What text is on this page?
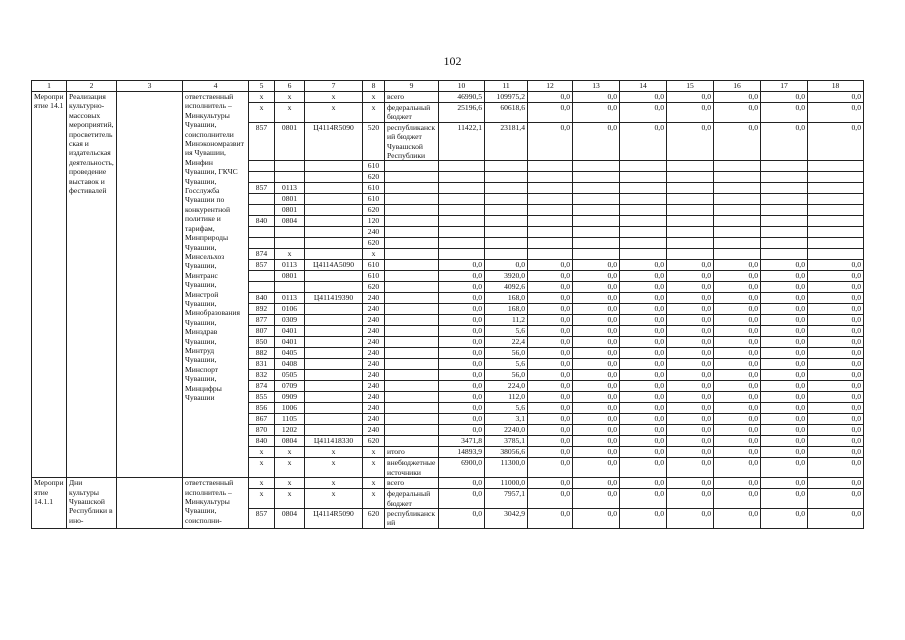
102
1	2	3	4	5	6	7	8	9	10	11	12	13	14	15	16	17	18
Мероприятие 14.1	Реализация культурно-массовых мероприятий, просветительская и издательская деятельность, проведение выставок и фестивалей		ответственный исполнитель – Минкультуры Чувашии, соисполнители Минэкономразвития Чувашии, Минфин Чувашии, ГКЧС Чувашии, Госслужба Чувашии по конкурентной политике и тарифам, Минприроды Чувашии, Минсельхоз Чувашии, Минтранс Чувашии, Минстрой Чувашии, Минобразования Чувашии, Минздрав Чувашии, Минтруд Чувашии, Минспорт Чувашии, Минцифры Чувашии	x	x	x	x	всего	46990,5	109975,2	0,0	0,0	0,0	0,0	0,0	0,0	0,0
				x	x	x	x	федеральный бюджет	25196,6	60618,6	0,0	0,0	0,0	0,0	0,0	0,0	0,0
				857	0801	Ц4114R5090	520	республиканский бюджет Чувашской Республики	11422,1	23181,4	0,0	0,0	0,0	0,0	0,0	0,0	0,0
							610										
							620										
				857	0113		610										
					0801		610										
					0801		620										
				840	0804		120										
							240										
							620										
				874	x		x										
				857	0113	Ц4114А5090	610		0,0	0,0	0,0	0,0	0,0	0,0	0,0	0,0	0,0
					0801		610		0,0	3920,0	0,0	0,0	0,0	0,0	0,0	0,0	0,0
							620		0,0	4092,6	0,0	0,0	0,0	0,0	0,0	0,0	0,0
				840	0113	Ц411419390	240		0,0	168,0	0,0	0,0	0,0	0,0	0,0	0,0	0,0
				892	0106		240		0,0	168,0	0,0	0,0	0,0	0,0	0,0	0,0	0,0
				877	0309		240		0,0	11,2	0,0	0,0	0,0	0,0	0,0	0,0	0,0
				807	0401		240		0,0	5,6	0,0	0,0	0,0	0,0	0,0	0,0	0,0
				850	0401		240		0,0	22,4	0,0	0,0	0,0	0,0	0,0	0,0	0,0
				882	0405		240		0,0	56,0	0,0	0,0	0,0	0,0	0,0	0,0	0,0
				831	0408		240		0,0	5,6	0,0	0,0	0,0	0,0	0,0	0,0	0,0
				832	0505		240		0,0	56,0	0,0	0,0	0,0	0,0	0,0	0,0	0,0
				874	0709		240		0,0	224,0	0,0	0,0	0,0	0,0	0,0	0,0	0,0
				855	0909		240		0,0	112,0	0,0	0,0	0,0	0,0	0,0	0,0	0,0
				856	1006		240		0,0	5,6	0,0	0,0	0,0	0,0	0,0	0,0	0,0
				867	1105		240		0,0	3,1	0,0	0,0	0,0	0,0	0,0	0,0	0,0
				870	1202		240		0,0	2240,0	0,0	0,0	0,0	0,0	0,0	0,0	0,0
				840	0804	Ц411418330	620		3471,8	3785,1	0,0	0,0	0,0	0,0	0,0	0,0	0,0
				x	x	x	x	итого	14893,9	38056,6	0,0	0,0	0,0	0,0	0,0	0,0	0,0
				x	x	x	x	внебюджетные источники	6900,0	11300,0	0,0	0,0	0,0	0,0	0,0	0,0	0,0
Мероприятие 14.1.1	Дни культуры Чувашской Республики в ино-		ответственный исполнитель – Минкультуры Чувашии, соисполни-	x	x	x	x	всего	0,0	11000,0	0,0	0,0	0,0	0,0	0,0	0,0	0,0
				x	x	x	x	федеральный бюджет	0,0	7957,1	0,0	0,0	0,0	0,0	0,0	0,0	0,0
				857	0804	Ц4114R5090	620	республиканский	0,0	3042,9	0,0	0,0	0,0	0,0	0,0	0,0	0,0
